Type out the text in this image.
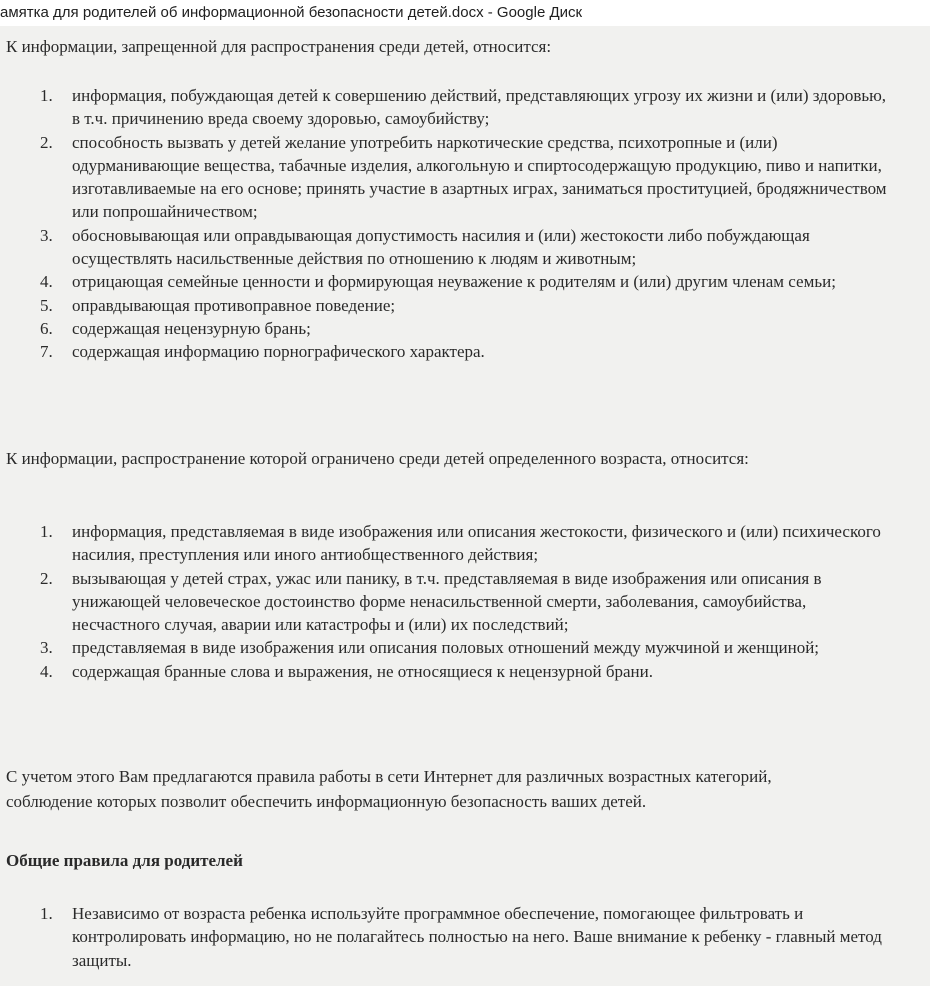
амятка для родителей об информационной безопасности детей.docx - Google Диск

К информации, запрещенной для распространения среди детей, относится:

1. информация, побуждающая детей к совершению действий, представляющих угрозу их жизни и (или) здоровью, в т.ч. причинению вреда своему здоровью, самоубийству;
2. способность вызвать у детей желание употребить наркотические средства, психотропные и (или) одурманивающие вещества, табачные изделия, алкогольную и спиртосодержащую продукцию, пиво и напитки, изготавливаемые на его основе; принять участие в азартных играх, заниматься проституцией, бродяжничеством или попрошайничеством;
3. обосновывающая или оправдывающая допустимость насилия и (или) жестокости либо побуждающая осуществлять насильственные действия по отношению к людям и животным;
4. отрицающая семейные ценности и формирующая неуважение к родителям и (или) другим членам семьи;
5. оправдывающая противоправное поведение;
6. содержащая нецензурную брань;
7. содержащая информацию порнографического характера.

К информации, распространение которой ограничено среди детей определенного возраста, относится:

1. информация, представляемая в виде изображения или описания жестокости, физического и (или) психического насилия, преступления или иного антиобщественного действия;
2. вызывающая у детей страх, ужас или панику, в т.ч. представляемая в виде изображения или описания в унижающей человеческое достоинство форме ненасильственной смерти, заболевания, самоубийства, несчастного случая, аварии или катастрофы и (или) их последствий;
3. представляемая в виде изображения или описания половых отношений между мужчиной и женщиной;
4. содержащая бранные слова и выражения, не относящиеся к нецензурной брани.

С учетом этого Вам предлагаются правила работы в сети Интернет для различных возрастных категорий, соблюдение которых позволит обеспечить информационную безопасность ваших детей.

Общие правила для родителей

1. Независимо от возраста ребенка используйте программное обеспечение, помогающее фильтровать и контролировать информацию, но не полагайтесь полностью на него. Ваше внимание к ребенку - главный метод защиты.
